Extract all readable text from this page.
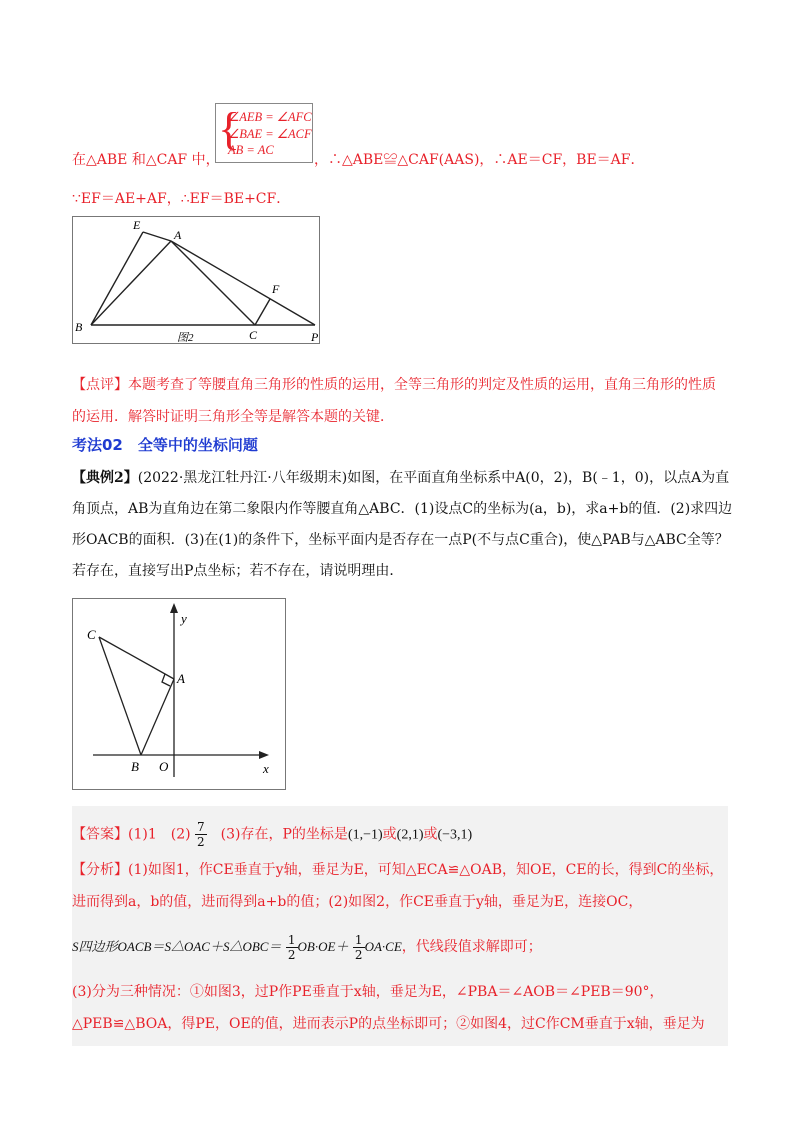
在△ABE 和△CAF 中，
{
∠AEB = ∠AFC
∠BAE = ∠ACF
AB = AC
，∴△ABE≌△CAF(AAS)，∴AE＝CF，BE＝AF．
∵EF＝AE+AF，∴EF＝BE+CF．
E
A
F
B
C	P
图2
【点评】本题考查了等腰直角三角形的性质的运用，全等三角形的判定及性质的运用，直角三角形的性质
的运用．解答时证明三角形全等是解答本题的关键．
考法02　全等中的坐标问题
【典例2】(2022·黑龙江牡丹江·八年级期末)如图，在平面直角坐标系中A(0，2)，B(﹣1，0)，以点A为直
角顶点，AB为直角边在第二象限内作等腰直角△ABC．(1)设点C的坐标为(a，b)，求a+b的值．(2)求四边
形OACB的面积．(3)在(1)的条件下，坐标平面内是否存在一点P(不与点C重合)，使△PAB与△ABC全等？
若存在，直接写出P点坐标；若不存在，请说明理由．
C
A
B O	x
y
【答案】(1)1　$(2) \frac{7}{2}$ 　(3)存在，P的坐标是(1,−1)或(2,1)或(−3,1)
【分析】(1)如图1，作CE垂直于y轴，垂足为E，可知△ECA≌△OAB，知OE，CE的长，得到C的坐标，
进而得到a，b的值，进而得到a+b的值；(2)如图2，作CE垂直于y轴，垂足为E，连接OC，
S四边形OACB＝S△OAC＋S△OBC＝ $\frac{1}{2} OB\cdot OE+ \frac{1}{2} OA\cdot CE$，代线段值求解即可；
(3)分为三种情况：①如图3，过P作PE垂直于x轴，垂足为E，∠PBA＝∠AOB＝∠PEB＝90°，
△PEB≌△BOA，得PE，OE的值，进而表示P的点坐标即可；②如图4，过C作CM垂直于x轴，垂足为
